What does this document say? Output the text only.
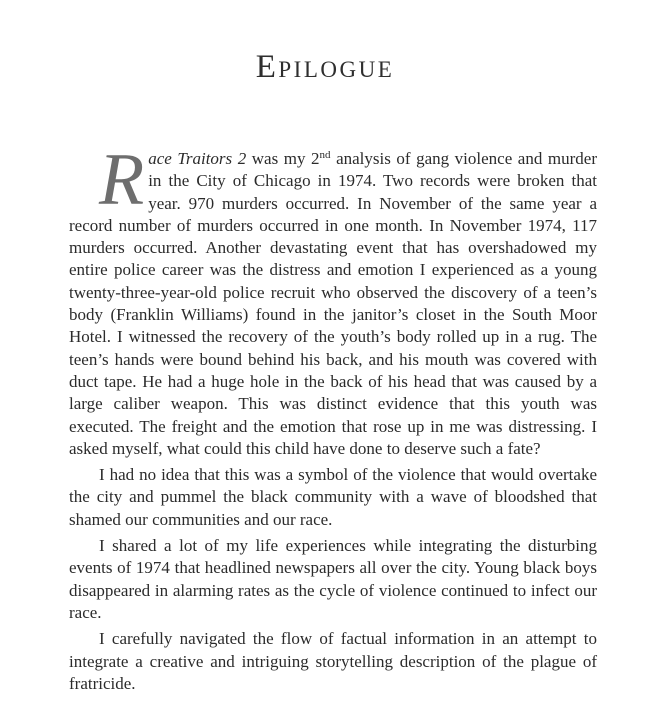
Epilogue

Race Traitors 2 was my 2nd analysis of gang violence and murder in the City of Chicago in 1974. Two records were broken that year. 970 murders occurred. In November of the same year a record number of murders occurred in one month. In November 1974, 117 murders occurred. Another devastating event that has overshadowed my entire police career was the distress and emotion I experienced as a young twenty-three-year-old police recruit who observed the discovery of a teen’s body (Franklin Williams) found in the janitor’s closet in the South Moor Hotel. I witnessed the recovery of the youth’s body rolled up in a rug. The teen’s hands were bound behind his back, and his mouth was covered with duct tape. He had a huge hole in the back of his head that was caused by a large caliber weapon. This was distinct evidence that this youth was executed. The freight and the emotion that rose up in me was distressing. I asked myself, what could this child have done to deserve such a fate?

I had no idea that this was a symbol of the violence that would overtake the city and pummel the black community with a wave of bloodshed that shamed our communities and our race.

I shared a lot of my life experiences while integrating the disturbing events of 1974 that headlined newspapers all over the city. Young black boys disappeared in alarming rates as the cycle of violence continued to infect our race.

I carefully navigated the flow of factual information in an attempt to integrate a creative and intriguing storytelling description of the plague of fratricide.
